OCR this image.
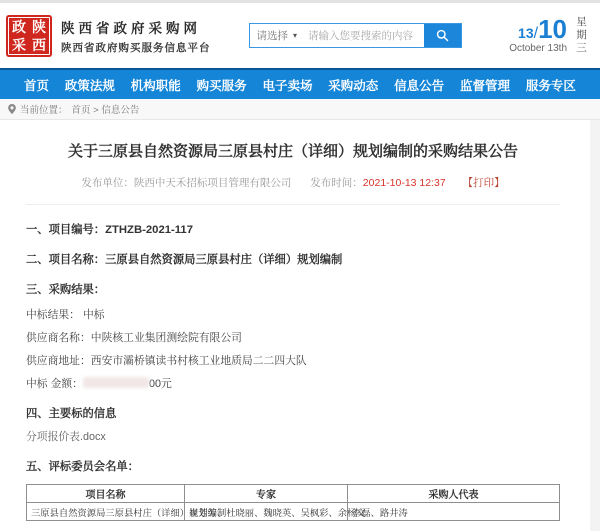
政 陕
采 西
陕西省政府采购网
陕西省政府购买服务信息平台
请选择 ▾
请输入您要搜索的内容	13/10
October 13th
星期三
首页 政策法规 机构职能 购买服务 电子卖场 采购动态 信息公告 监督管理 服务专区
当前位置： 首页 > 信息公告
关于三原县自然资源局三原县村庄（详细）规划编制的采购结果公告
发布单位：陕西中天禾招标项目管理有限公司 发布时间：2021-10-13 12:37 【打印】
一、项目编号：ZTHZB-2021-117
二、项目名称：三原县自然资源局三原县村庄（详细）规划编制
三、采购结果：
中标结果： 中标
供应商名称：中陕核工业集团测绘院有限公司
供应商地址：西安市灞桥镇读书村核工业地质局二二四大队
中标 金额：	00元
四、主要标的信息
分项报价表.docx
五、评标委员会名单：
项目名称	专家	采购人代表
三原县自然资源局三原县村庄（详细）规划编制	崔芳芳、杜晓丽、魏晓英、吴枫彩、余杨文	李磊、路井涛
